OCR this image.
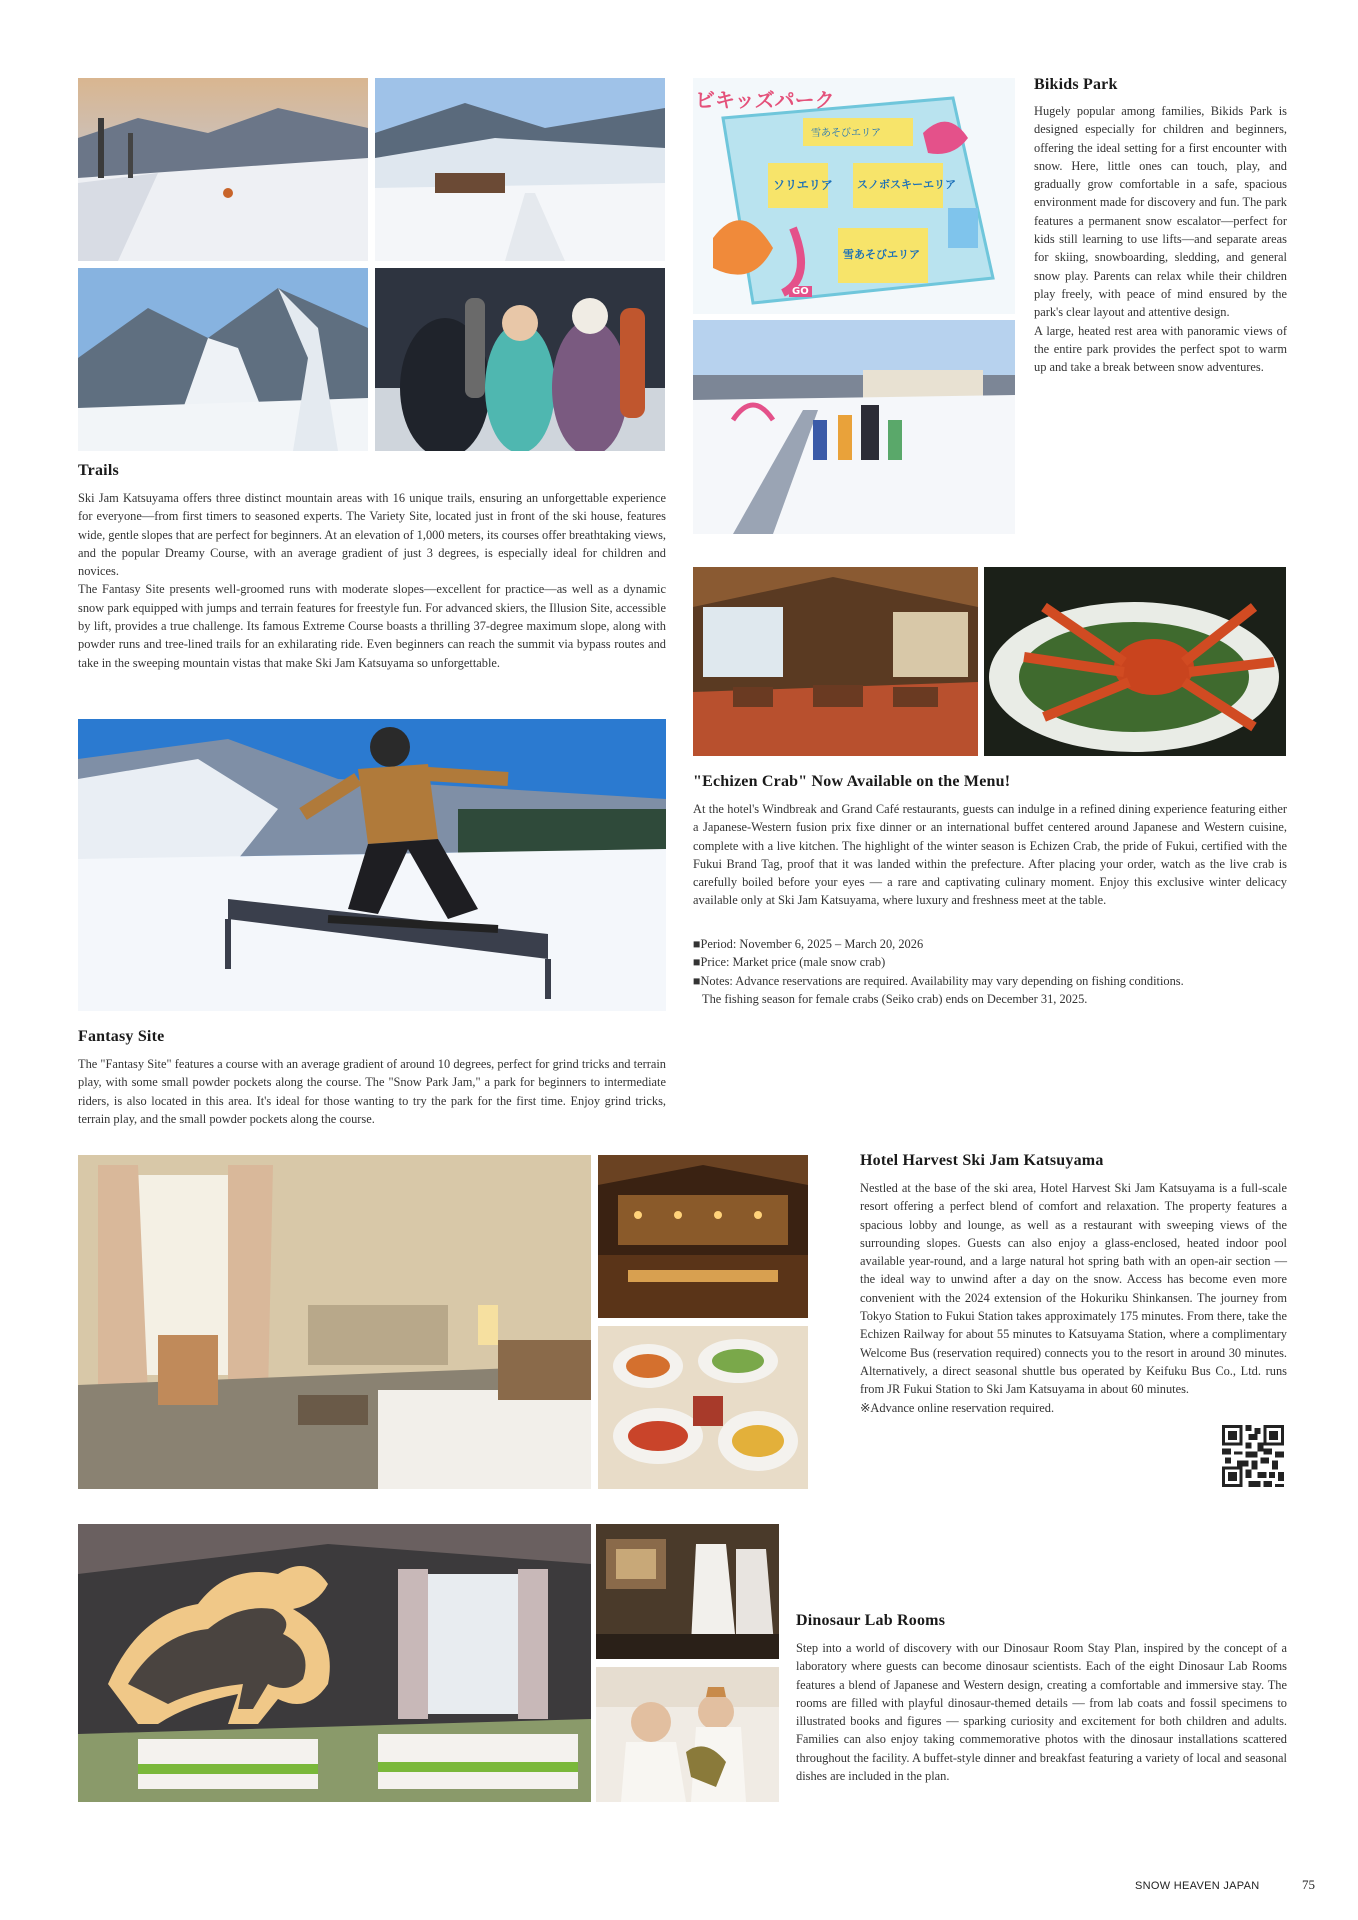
ビキッズパーク
雪あそびエリア
ソリエリア スノボスキーエリア
雪あそびエリア
GO
Trails

Ski Jam Katsuyama offers three distinct mountain areas with 16 unique trails, ensuring an unforgettable experience for everyone—from first timers to seasoned experts. The Variety Site, located just in front of the ski house, features wide, gentle slopes that are perfect for beginners. At an elevation of 1,000 meters, its courses offer breathtaking views, and the popular Dreamy Course, with an average gradient of just 3 degrees, is especially ideal for children and novices.

The Fantasy Site presents well-groomed runs with moderate slopes—excellent for practice—as well as a dynamic snow park equipped with jumps and terrain features for freestyle fun. For advanced skiers, the Illusion Site, accessible by lift, provides a true challenge. Its famous Extreme Course boasts a thrilling 37-degree maximum slope, along with powder runs and tree-lined trails for an exhilarating ride. Even beginners can reach the summit via bypass routes and take in the sweeping mountain vistas that make Ski Jam Katsuyama so unforgettable.

Bikids Park

Hugely popular among families, Bikids Park is designed especially for children and beginners, offering the ideal setting for a first encounter with snow. Here, little ones can touch, play, and gradually grow comfortable in a safe, spacious environment made for discovery and fun. The park features a permanent snow escalator—perfect for kids still learning to use lifts—and separate areas for skiing, snowboarding, sledding, and general snow play. Parents can relax while their children play freely, with peace of mind ensured by the park's clear layout and attentive design.

A large, heated rest area with panoramic views of the entire park provides the perfect spot to warm up and take a break between snow adventures.

"Echizen Crab" Now Available on the Menu!
At the hotel's Windbreak and Grand Café restaurants, guests can indulge in a refined dining experience featuring either a Japanese-Western fusion prix fixe dinner or an international buffet centered around Japanese and Western cuisine, complete with a live kitchen. The highlight of the winter season is Echizen Crab, the pride of Fukui, certified with the Fukui Brand Tag, proof that it was landed within the prefecture. After placing your order, watch as the live crab is carefully boiled before your eyes — a rare and captivating culinary moment. Enjoy this exclusive winter delicacy available only at Ski Jam Katsuyama, where luxury and freshness meet at the table.
■Period: November 6, 2025 – March 20, 2026
■Price: Market price (male snow crab)
■Notes: Advance reservations are required. Availability may vary depending on fishing conditions.
The fishing season for female crabs (Seiko crab) ends on December 31, 2025.
Fantasy Site
The "Fantasy Site" features a course with an average gradient of around 10 degrees, perfect for grind tricks and terrain play, with some small powder pockets along the course. The "Snow Park Jam," a park for beginners to intermediate riders, is also located in this area. It's ideal for those wanting to try the park for the first time. Enjoy grind tricks, terrain play, and the small powder pockets along the course.
Hotel Harvest Ski Jam Katsuyama

Nestled at the base of the ski area, Hotel Harvest Ski Jam Katsuyama is a full-scale resort offering a perfect blend of comfort and relaxation. The property features a spacious lobby and lounge, as well as a restaurant with sweeping views of the surrounding slopes. Guests can also enjoy a glass-enclosed, heated indoor pool available year-round, and a large natural hot spring bath with an open-air section — the ideal way to unwind after a day on the snow. Access has become even more convenient with the 2024 extension of the Hokuriku Shinkansen. The journey from Tokyo Station to Fukui Station takes approximately 175 minutes. From there, take the Echizen Railway for about 55 minutes to Katsuyama Station, where a complimentary Welcome Bus (reservation required) connects you to the resort in around 30 minutes. Alternatively, a direct seasonal shuttle bus operated by Keifuku Bus Co., Ltd. runs from JR Fukui Station to Ski Jam Katsuyama in about 60 minutes.

※Advance online reservation required.

Dinosaur Lab Rooms
Step into a world of discovery with our Dinosaur Room Stay Plan, inspired by the concept of a laboratory where guests can become dinosaur scientists. Each of the eight Dinosaur Lab Rooms features a blend of Japanese and Western design, creating a comfortable and immersive stay. The rooms are filled with playful dinosaur-themed details — from lab coats and fossil specimens to illustrated books and figures — sparking curiosity and excitement for both children and adults. Families can also enjoy taking commemorative photos with the dinosaur installations scattered throughout the facility. A buffet-style dinner and breakfast featuring a variety of local and seasonal dishes are included in the plan.
SNOW HEAVEN JAPAN	75
